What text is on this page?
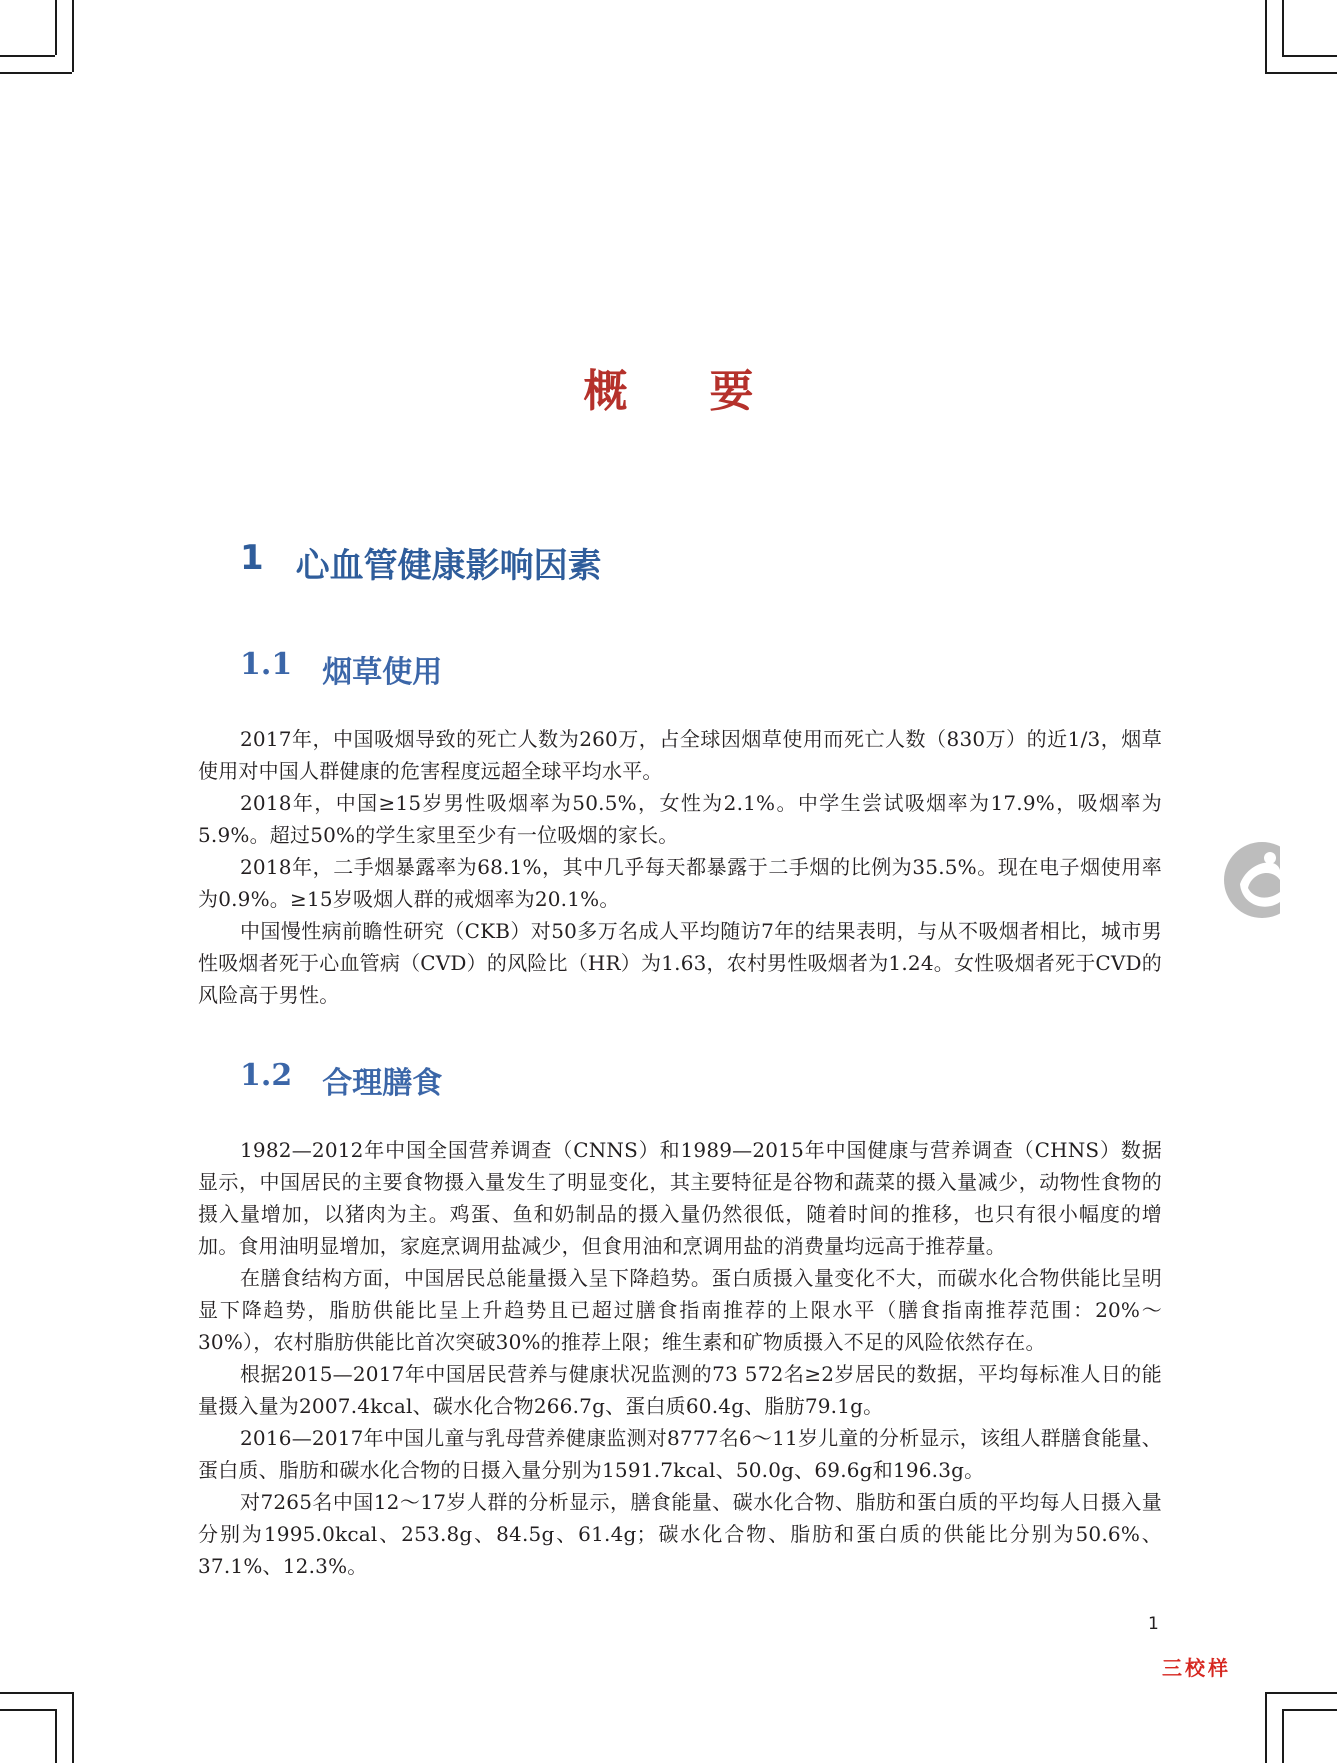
概要
1 心血管健康影响因素
1.1 烟草使用

2017年，中国吸烟导致的死亡人数为260万，占全球因烟草使用而死亡人数（830万）的近1/3，烟草使用对中国人群健康的危害程度远超全球平均水平。

2018年，中国≥15岁男性吸烟率为50.5%，女性为2.1%。中学生尝试吸烟率为17.9%，吸烟率为5.9%。超过50%的学生家里至少有一位吸烟的家长。

2018年，二手烟暴露率为68.1%，其中几乎每天都暴露于二手烟的比例为35.5%。现在电子烟使用率为0.9%。≥15岁吸烟人群的戒烟率为20.1%。

中国慢性病前瞻性研究（CKB）对50多万名成人平均随访7年的结果表明，与从不吸烟者相比，城市男性吸烟者死于心血管病（CVD）的风险比（HR）为1.63，农村男性吸烟者为1.24。女性吸烟者死于CVD的风险高于男性。

1.2 合理膳食

1982—2012年中国全国营养调查（CNNS）和1989—2015年中国健康与营养调查（CHNS）数据显示，中国居民的主要食物摄入量发生了明显变化，其主要特征是谷物和蔬菜的摄入量减少，动物性食物的摄入量增加，以猪肉为主。鸡蛋、鱼和奶制品的摄入量仍然很低，随着时间的推移，也只有很小幅度的增加。食用油明显增加，家庭烹调用盐减少，但食用油和烹调用盐的消费量均远高于推荐量。

在膳食结构方面，中国居民总能量摄入呈下降趋势。蛋白质摄入量变化不大，而碳水化合物供能比呈明显下降趋势，脂肪供能比呈上升趋势且已超过膳食指南推荐的上限水平（膳食指南推荐范围：20%～30%），农村脂肪供能比首次突破30%的推荐上限；维生素和矿物质摄入不足的风险依然存在。

根据2015—2017年中国居民营养与健康状况监测的73 572名≥2岁居民的数据，平均每标准人日的能量摄入量为2007.4kcal、碳水化合物266.7g、蛋白质60.4g、脂肪79.1g。

2016—2017年中国儿童与乳母营养健康监测对8777名6～11岁儿童的分析显示，该组人群膳食能量、蛋白质、脂肪和碳水化合物的日摄入量分别为1591.7kcal、50.0g、69.6g和196.3g。

对7265名中国12～17岁人群的分析显示，膳食能量、碳水化合物、脂肪和蛋白质的平均每人日摄入量分别为1995.0kcal、253.8g、84.5g、61.4g；碳水化合物、脂肪和蛋白质的供能比分别为50.6%、37.1%、12.3%。

1
三校样
